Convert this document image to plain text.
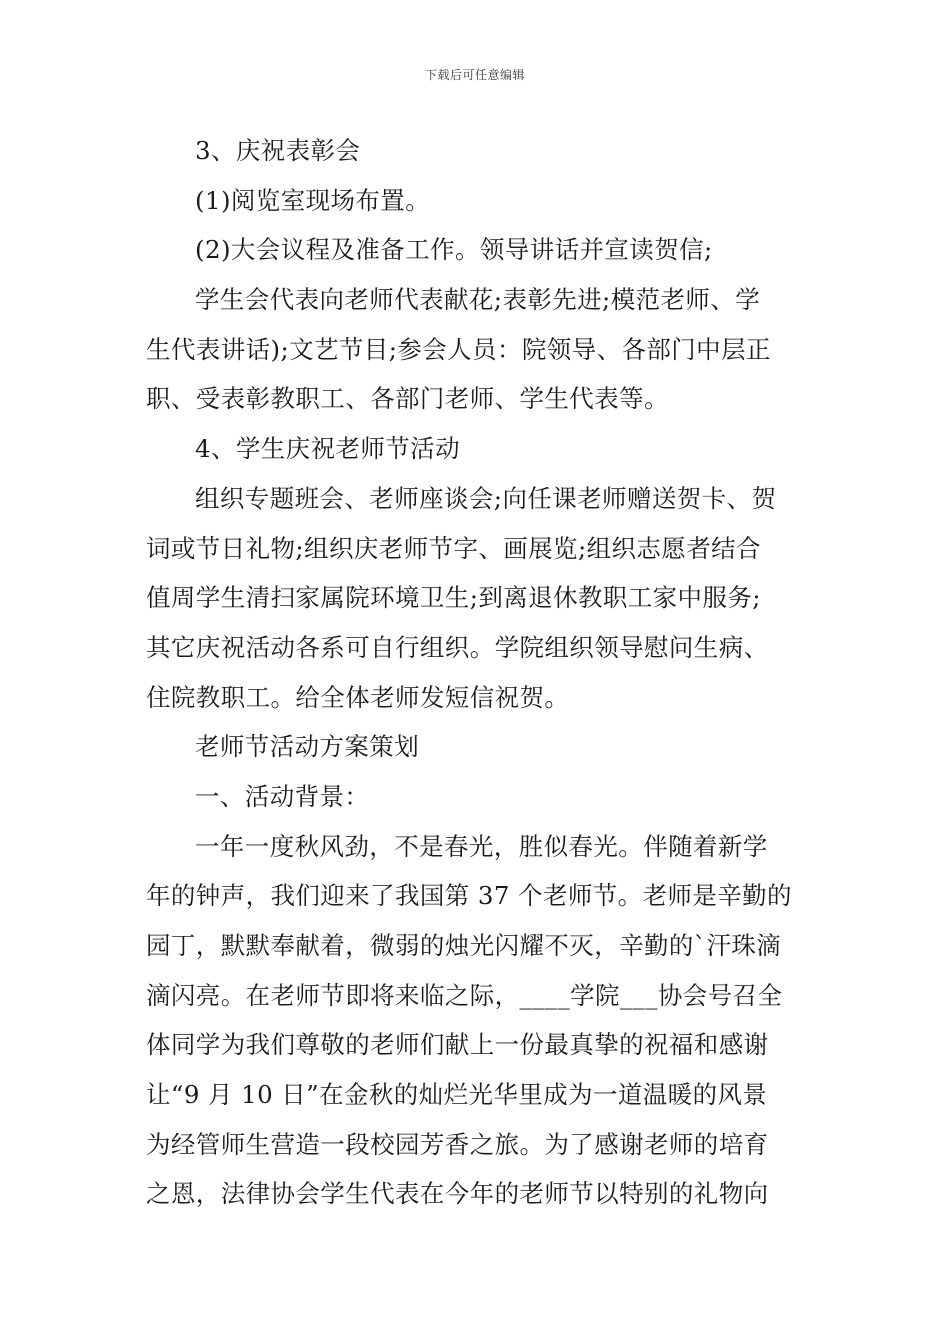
下载后可任意编辑
3、庆祝表彰会
(1)阅览室现场布置。
(2)大会议程及准备工作。领导讲话并宣读贺信;
学生会代表向老师代表献花;表彰先进;模范老师、学
生代表讲话);文艺节目;参会人员：院领导、各部门中层正
职、受表彰教职工、各部门老师、学生代表等。
4、学生庆祝老师节活动
组织专题班会、老师座谈会;向任课老师赠送贺卡、贺
词或节日礼物;组织庆老师节字、画展览;组织志愿者结合
值周学生清扫家属院环境卫生;到离退休教职工家中服务;
其它庆祝活动各系可自行组织。学院组织领导慰问生病、
住院教职工。给全体老师发短信祝贺。
老师节活动方案策划
一、活动背景：
一年一度秋风劲，不是春光，胜似春光。伴随着新学
年的钟声，我们迎来了我国第 37 个老师节。老师是辛勤的
园丁，默默奉献着，微弱的烛光闪耀不灭，辛勤的`汗珠滴
滴闪亮。在老师节即将来临之际，____学院___协会号召全
体同学为我们尊敬的老师们献上一份最真挚的祝福和感谢
让“9 月 10 日”在金秋的灿烂光华里成为一道温暖的风景
为经管师生营造一段校园芳香之旅。为了感谢老师的培育
之恩，法律协会学生代表在今年的老师节以特别的礼物向
